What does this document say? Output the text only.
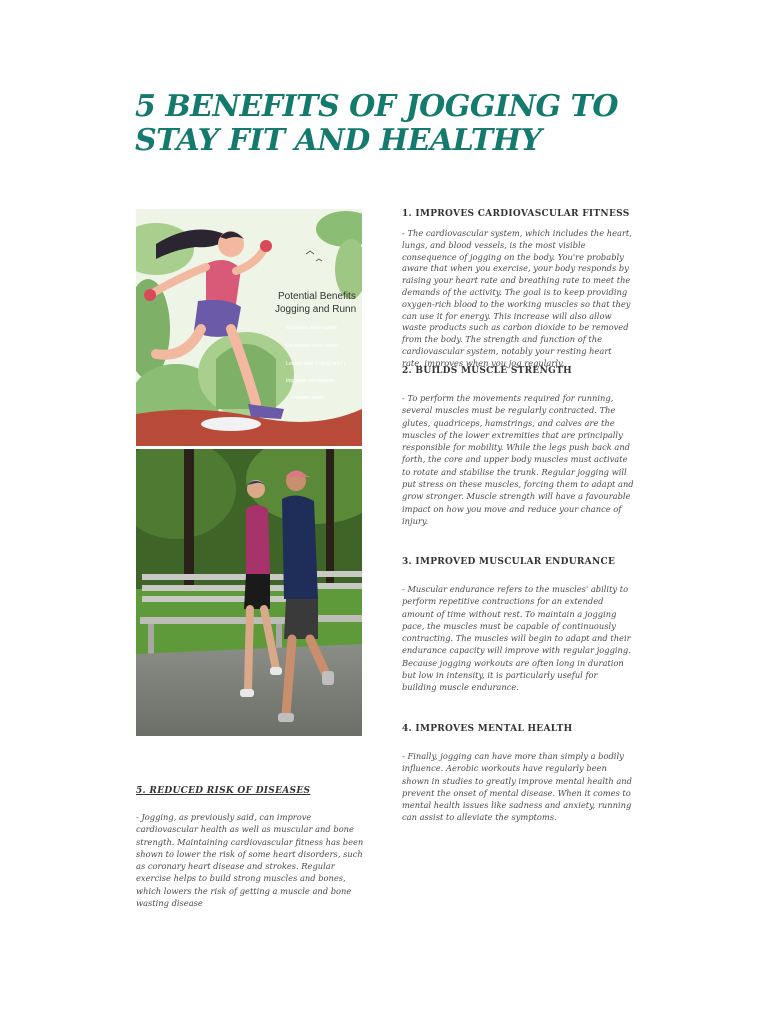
5 BENEFITS OF JOGGING TO
STAY FIT AND HEALTHY
Potential Benefits
Jogging and Runn
Enhances sleep quality
Decreases stress levels
Lowers your resting heart r
Improves self-esteem
Elevates mood
1. IMPROVES CARDIOVASCULAR FITNESS

- The cardiovascular system, which includes the heart, lungs, and blood vessels, is the most visible consequence of jogging on the body. You're probably aware that when you exercise, your body responds by raising your heart rate and breathing rate to meet the demands of the activity. The goal is to keep providing oxygen-rich blood to the working muscles so that they can use it for energy. This increase will also allow waste products such as carbon dioxide to be removed from the body. The strength and function of the cardiovascular system, notably your resting heart rate, improves when you jog regularly.

2. BUILDS MUSCLE STRENGTH

- To perform the movements required for running, several muscles must be regularly contracted. The glutes, quadriceps, hamstrings, and calves are the muscles of the lower extremities that are principally responsible for mobility. While the legs push back and forth, the core and upper body muscles must activate to rotate and stabilise the trunk. Regular jogging will put stress on these muscles, forcing them to adapt and grow stronger. Muscle strength will have a favourable impact on how you move and reduce your chance of injury.

3. IMPROVED MUSCULAR ENDURANCE

- Muscular endurance refers to the muscles' ability to perform repetitive contractions for an extended amount of time without rest. To maintain a jogging pace, the muscles must be capable of continuously contracting. The muscles will begin to adapt and their endurance capacity will improve with regular jogging. Because jogging workouts are often long in duration but low in intensity, it is particularly useful for building muscle endurance.

4. IMPROVES MENTAL HEALTH

- Finally, jogging can have more than simply a bodily influence. Aerobic workouts have regularly been shown in studies to greatly improve mental health and prevent the onset of mental disease. When it comes to mental health issues like sadness and anxiety, running can assist to alleviate the symptoms.

5. REDUCED RISK OF DISEASES

- Jogging, as previously said, can improve cardiovascular health as well as muscular and bone strength. Maintaining cardiovascular fitness has been shown to lower the risk of some heart disorders, such as coronary heart disease and strokes. Regular exercise helps to build strong muscles and bones, which lowers the risk of getting a muscle and bone wasting disease
